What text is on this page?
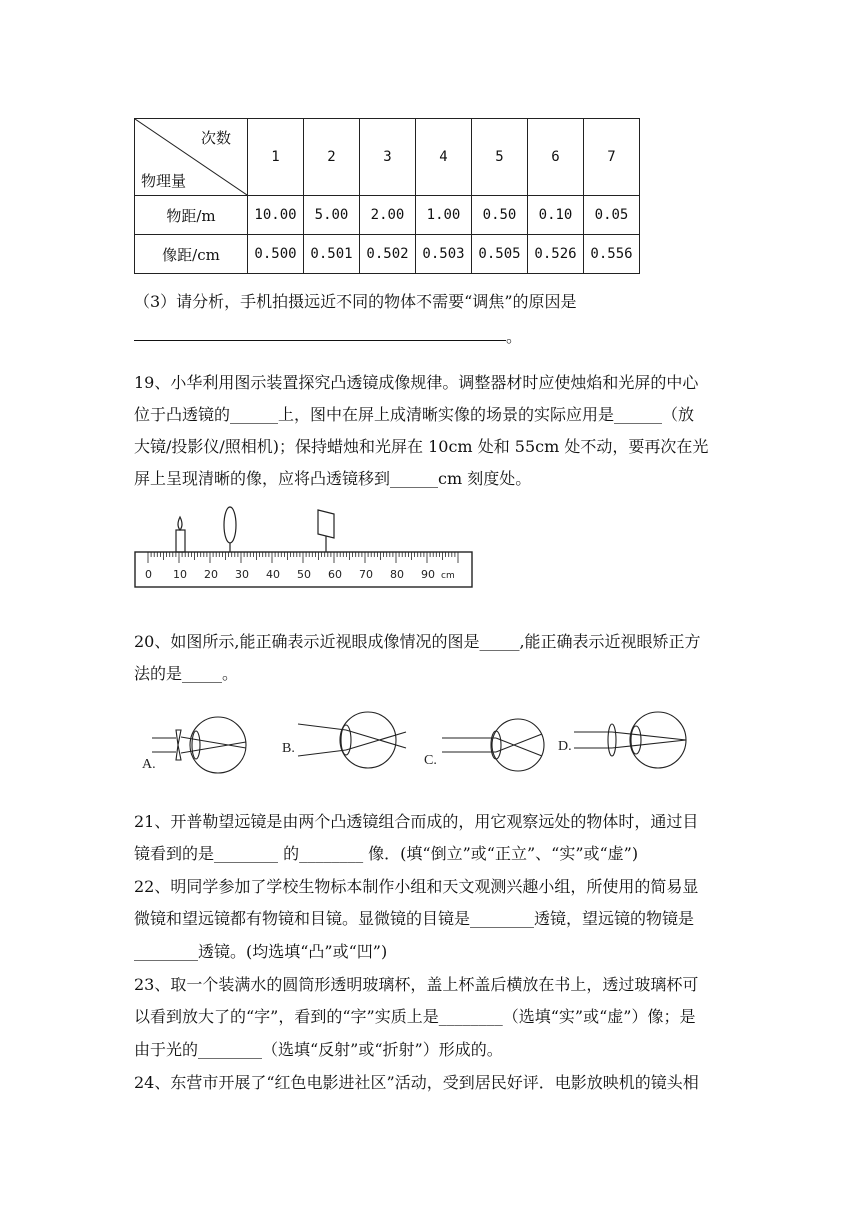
次数
物理量	1	2	3	4	5	6	7
物距/m	10.00	5.00	2.00	1.00	0.50	0.10	0.05
像距/cm	0.500	0.501	0.502	0.503	0.505	0.526	0.556
（3）请分析，手机拍摄远近不同的物体不需要“调焦”的原因是
。
19、小华利用图示装置探究凸透镜成像规律。调整器材时应使烛焰和光屏的中心
位于凸透镜的______上，图中在屏上成清晰实像的场景的实际应用是______（放
大镜/投影仪/照相机)；保持蜡烛和光屏在 10cm 处和 55cm 处不动，要再次在光
屏上呈现清晰的像，应将凸透镜移到______cm 刻度处。
0 10 20 30 40 50 60 70 80 90 cm
20、如图所示,能正确表示近视眼成像情况的图是_____,能正确表示近视眼矫正方
法的是_____。
A.
B.
C.
D.
21、开普勒望远镜是由两个凸透镜组合而成的，用它观察远处的物体时，通过目
镜看到的是________ 的________ 像．(填“倒立”或“正立”、“实”或“虚”)
22、明同学参加了学校生物标本制作小组和天文观测兴趣小组，所使用的简易显
微镜和望远镜都有物镜和目镜。显微镜的目镜是________透镜，望远镜的物镜是
________透镜。(均选填“凸”或“凹”)
23、取一个装满水的圆筒形透明玻璃杯，盖上杯盖后横放在书上，透过玻璃杯可
以看到放大了的“字”，看到的“字”实质上是________（选填“实”或“虚”）像；是
由于光的________（选填“反射”或“折射”）形成的。
24、东营市开展了“红色电影进社区”活动，受到居民好评．电影放映机的镜头相
